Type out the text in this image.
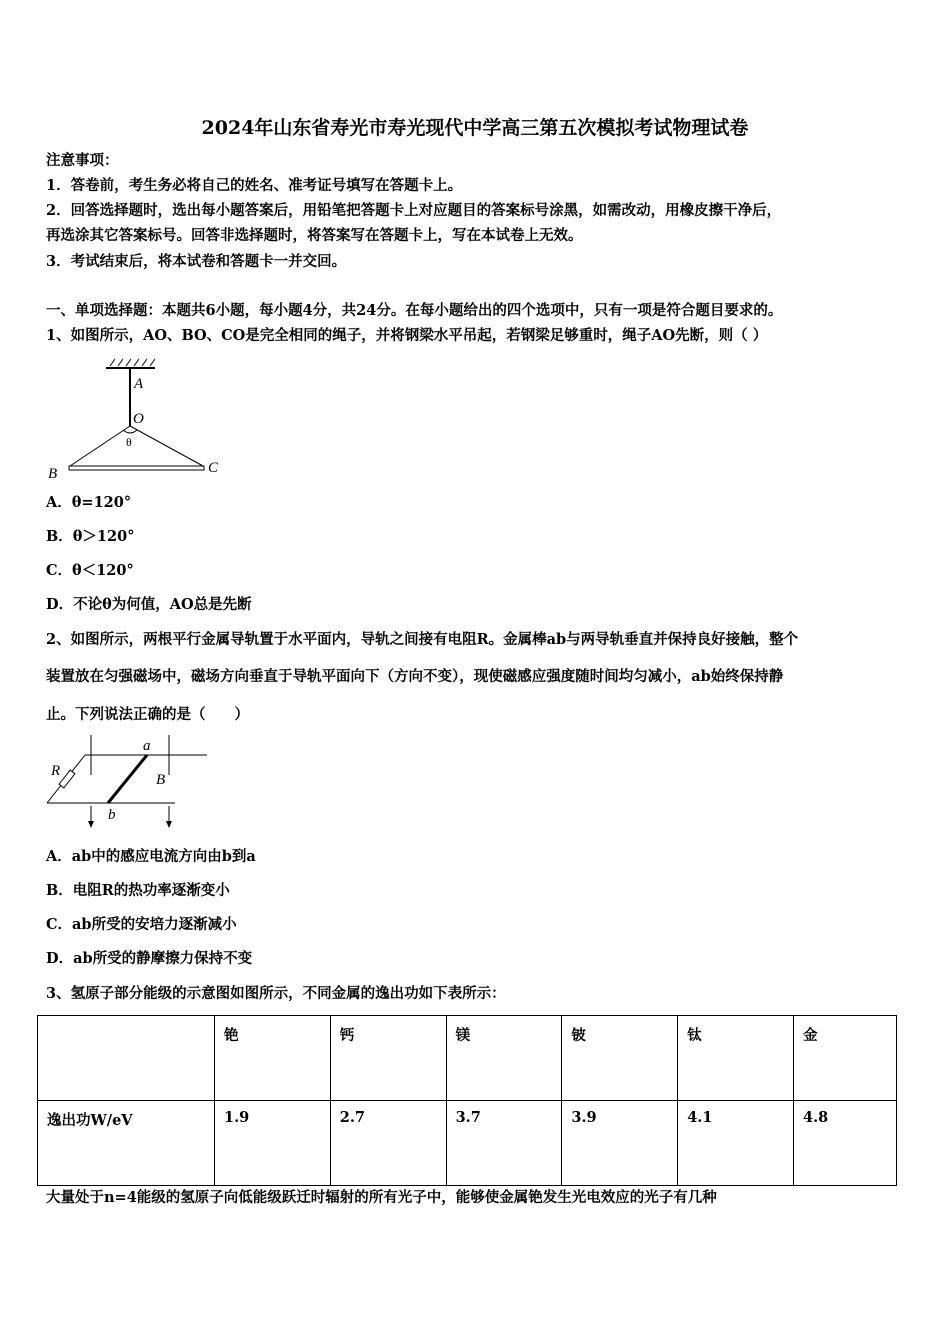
2024年山东省寿光市寿光现代中学高三第五次模拟考试物理试卷
注意事项：
1．答卷前，考生务必将自己的姓名、准考证号填写在答题卡上。
2．回答选择题时，选出每小题答案后，用铅笔把答题卡上对应题目的答案标号涂黑，如需改动，用橡皮擦干净后，
再选涂其它答案标号。回答非选择题时，将答案写在答题卡上，写在本试卷上无效。
3．考试结束后，将本试卷和答题卡一并交回。
一、单项选择题：本题共6小题，每小题4分，共24分。在每小题给出的四个选项中，只有一项是符合题目要求的。
1、如图所示，AO、BO、CO是完全相同的绳子，并将钢梁水平吊起，若钢梁足够重时，绳子AO先断，则（ ）
A
O
θ
B	C
A．θ=120°
B．θ＞120°
C．θ＜120°
D．不论θ为何值，AO总是先断
2、如图所示，两根平行金属导轨置于水平面内，导轨之间接有电阻R。金属棒ab与两导轨垂直并保持良好接触，整个
装置放在匀强磁场中，磁场方向垂直于导轨平面向下（方向不变），现使磁感应强度随时间均匀减小，ab始终保持静
止。下列说法正确的是（　　）
R
a
b
B
A．ab中的感应电流方向由b到a
B．电阻R的热功率逐渐变小
C．ab所受的安培力逐渐减小
D．ab所受的静摩擦力保持不变
3、氢原子部分能级的示意图如图所示，不同金属的逸出功如下表所示：
	铯	钙	镁	铍	钛	金
逸出功W/eV	1.9	2.7	3.7	3.9	4.1	4.8
大量处于n=4能级的氢原子向低能级跃迁时辐射的所有光子中，能够使金属铯发生光电效应的光子有几种
